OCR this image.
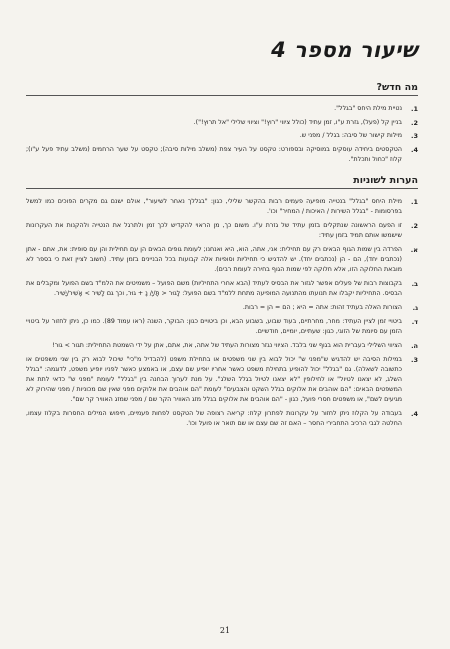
שיעור מספר 4
מה חדש?
1.
נטיית מילת היחס "בגלל".
2.
בניין קל (פעל), גזרת ע"ו, זמן עתיד (כולל ציווי "רוץ!" וציווי שלילי "אל תרוץ!").
3.
מילות קישור של סיבה: בגלל / מפני ש.
4.
הטקסטים ביחידה עוסקים במוסיקה ובספורט: טקסט על העיר צפת (משלב מילות סיבה); טקסט על שער הרחמים (משלב עתיד פעל ע"ו); קלוז "כחול ותכלת".
הערות לשוניות
1.
מילת היחס "בגלל" בנטייה מופיעה פעמים רבות בהקשר שלילי, כגון: "בגללך נאחר לשיעור", אולם ישנם גם מקרים הפוכים כמו למשל בפרסומות - "בגלל השירות / האיכות / המחיר" וכו'.
2.
זו הפעם הראשונה שנתקלים בזמן עתיד של גזרת ע"ו. משום כך, מן הראוי להקדיש לכך זמן ולתרגל את הנטייה ולהקנות את העקרונות שישמשו אותם תמיד בזמן עתיד:
א.
הפרדה בין שמות הגוף הבאים רק עם תחילית: אני, אתה, הוא, היא ואנחנו; לעומת גופים הבאים הן עם תחילית והן עם סופית: את, אתם - אתן (נכתבים יחד), הם - הן (נכתבים יחד). יש להדגיש כי תחיליות וסופיות אלה קבועות בכל הבניינים בזמן עתיד. (חשוב לציין זאת כי בספר לא מובאת החלוקה הזו, אלא חלוקה לפי שמות הגוף בחירה לעומת רבים).
ב.
בקבוצות רבות של פעלים אפשר לגזור את הבסיס לעתיד (הבא אחרי התחיליות) משם הפועל – משמיטים את הלמ"ד בשם הפועל ומקבלים את הבסיס. התחיליות יקבלו את תנועתו מהתנועה המופיעה מתחת ללמ"ד בשם הפועל: לָגוּר < תָּ/יָ/ נָ + גוּר, וכך גם לָשִׁיר > אָשִׁיר/יָשִׁיר.
ג.
הצורות האלה בעתיד זהות: אתה = היא ; הם = הן = רבות.
ד.
ביטויי זמן לציין העתיד: מחר, מחרתיים, בעוד שבוע, בשבוע הבא, וכן ביטויים כגון: הבוקר, השנה (ראו עמוד 89). כמו כן, ניתן לחזור על ביטויי הזמן עם סיומת של הזוגי, כגון: שעתיים, יומיים, חודשיים.
ה.
הציווי השלילי בעברית הוא בגוף שני בלבד. הציווי נגזר מצורות העתיד של אתה, את, אתם, אתן על ידי השמטת התחילית: תגור > גור!
3.
במילות הסיבה יש להדגיש ש"מפני ש" יכול לבוא בין שני משפטים או בתחילת משפט (להבדיל מ"כי" שיכול לבוא רק בין שני משפטים או כתשובה לשאלה). גם "בגלל" יכול להופיע בתחילת משפט כאשר אחריו יופיע שם עצם, או באמצע כאשר לפניו יופיע משפט, לדוגמה: "בגלל השלג, לא יצאנו לטיול" או לחילופין "לא יצאנו לטיול בגלל השלג". על מנת לערוך הבחנה בין "בגלל" לעומת "מפני ש" כדאי לתת את המשפטים הבאים: "הם אוהבים את אלוקים בגלל השקט והצבעים" לעומת "הם אוהבים את אלוקים מפני שאין שם מכוניות / מפני שהירוק לא מגיעים לשם", או משפטים חסרי פועל, כגון - "הם אוהבים את אלוקים בגלל מזג האוויר הקר שם / מפני שמזג האוויר קר שם".
4.
בעבודה על הקלוז ניתן לחזור על עקרונות לפתרון קלוז: קריאה רצופה של הטקסט לפחות פעמיים, חיפוש המילים החסרות בקלוז עצמו, החלטה לגבי הרכיב התחבירי החסר – האם זה שם עצם או שם תואר או פועל וכו'.
21
